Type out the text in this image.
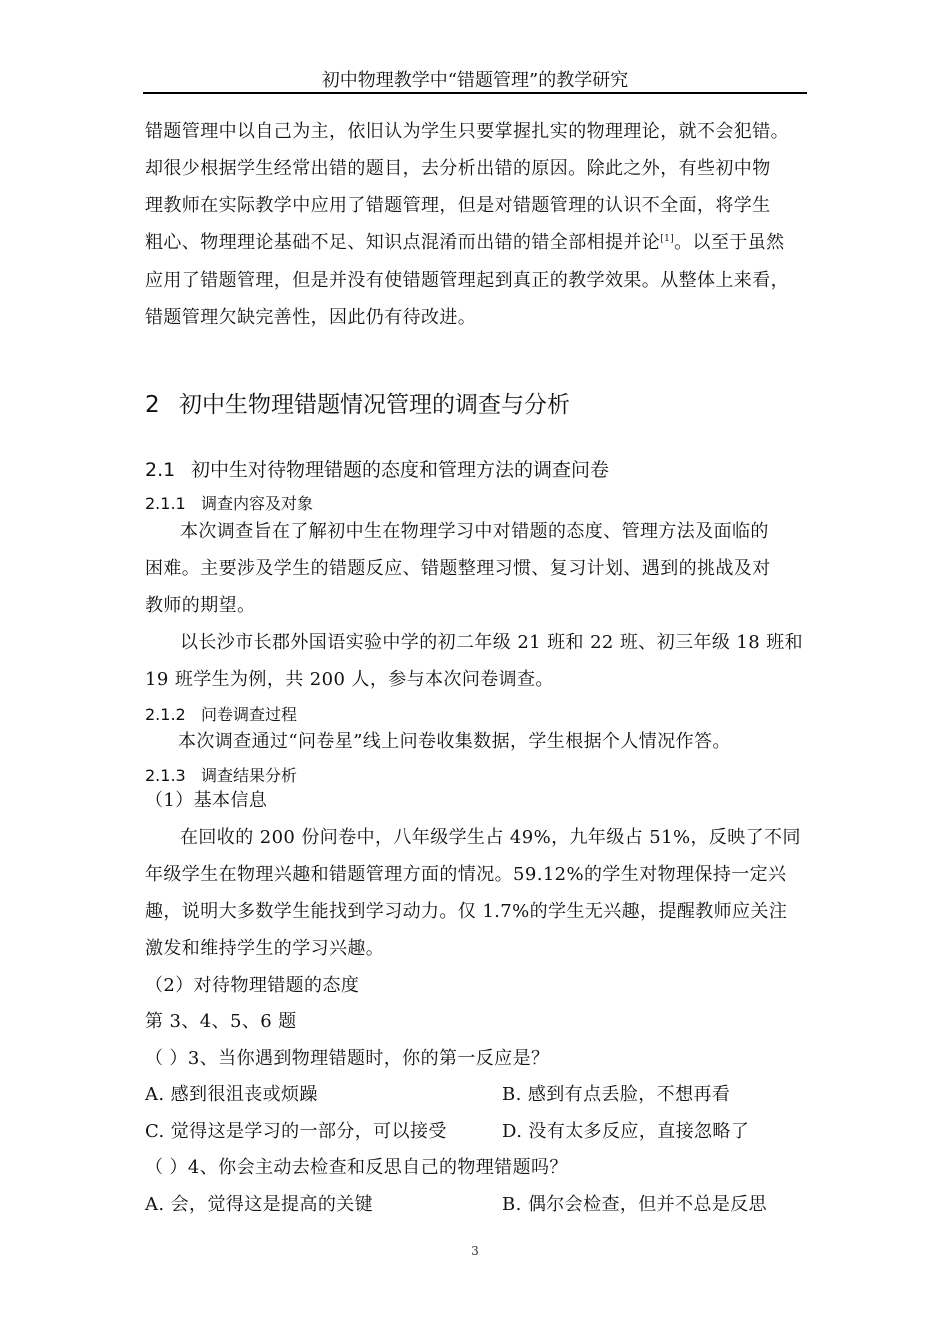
初中物理教学中“错题管理”的教学研究
错题管理中以自己为主，依旧认为学生只要掌握扎实的物理理论，就不会犯错。
却很少根据学生经常出错的题目，去分析出错的原因。除此之外，有些初中物
理教师在实际教学中应用了错题管理，但是对错题管理的认识不全面，将学生
粗心、物理理论基础不足、知识点混淆而出错的错全部相提并论[1]。以至于虽然
应用了错题管理，但是并没有使错题管理起到真正的教学效果。从整体上来看，
错题管理欠缺完善性，因此仍有待改进。
2 初中生物理错题情况管理的调查与分析
2.1 初中生对待物理错题的态度和管理方法的调查问卷
2.1.1 调查内容及对象
本次调查旨在了解初中生在物理学习中对错题的态度、管理方法及面临的
困难。主要涉及学生的错题反应、错题整理习惯、复习计划、遇到的挑战及对
教师的期望。
以长沙市长郡外国语实验中学的初二年级 21 班和 22 班、初三年级 18 班和
19 班学生为例，共 200 人，参与本次问卷调查。
2.1.2 问卷调查过程
本次调查通过“问卷星”线上问卷收集数据，学生根据个人情况作答。
2.1.3 调查结果分析
（1）基本信息
在回收的 200 份问卷中，八年级学生占 49%，九年级占 51%，反映了不同
年级学生在物理兴趣和错题管理方面的情况。59.12%的学生对物理保持一定兴
趣，说明大多数学生能找到学习动力。仅 1.7%的学生无兴趣，提醒教师应关注
激发和维持学生的学习兴趣。
（2）对待物理错题的态度
第 3、4、5、6 题
（ ）3、当你遇到物理错题时，你的第一反应是？
A. 感到很沮丧或烦躁	B. 感到有点丢脸，不想再看
C. 觉得这是学习的一部分，可以接受	D. 没有太多反应，直接忽略了
（ ）4、你会主动去检查和反思自己的物理错题吗？
A. 会，觉得这是提高的关键	B. 偶尔会检查，但并不总是反思
3
